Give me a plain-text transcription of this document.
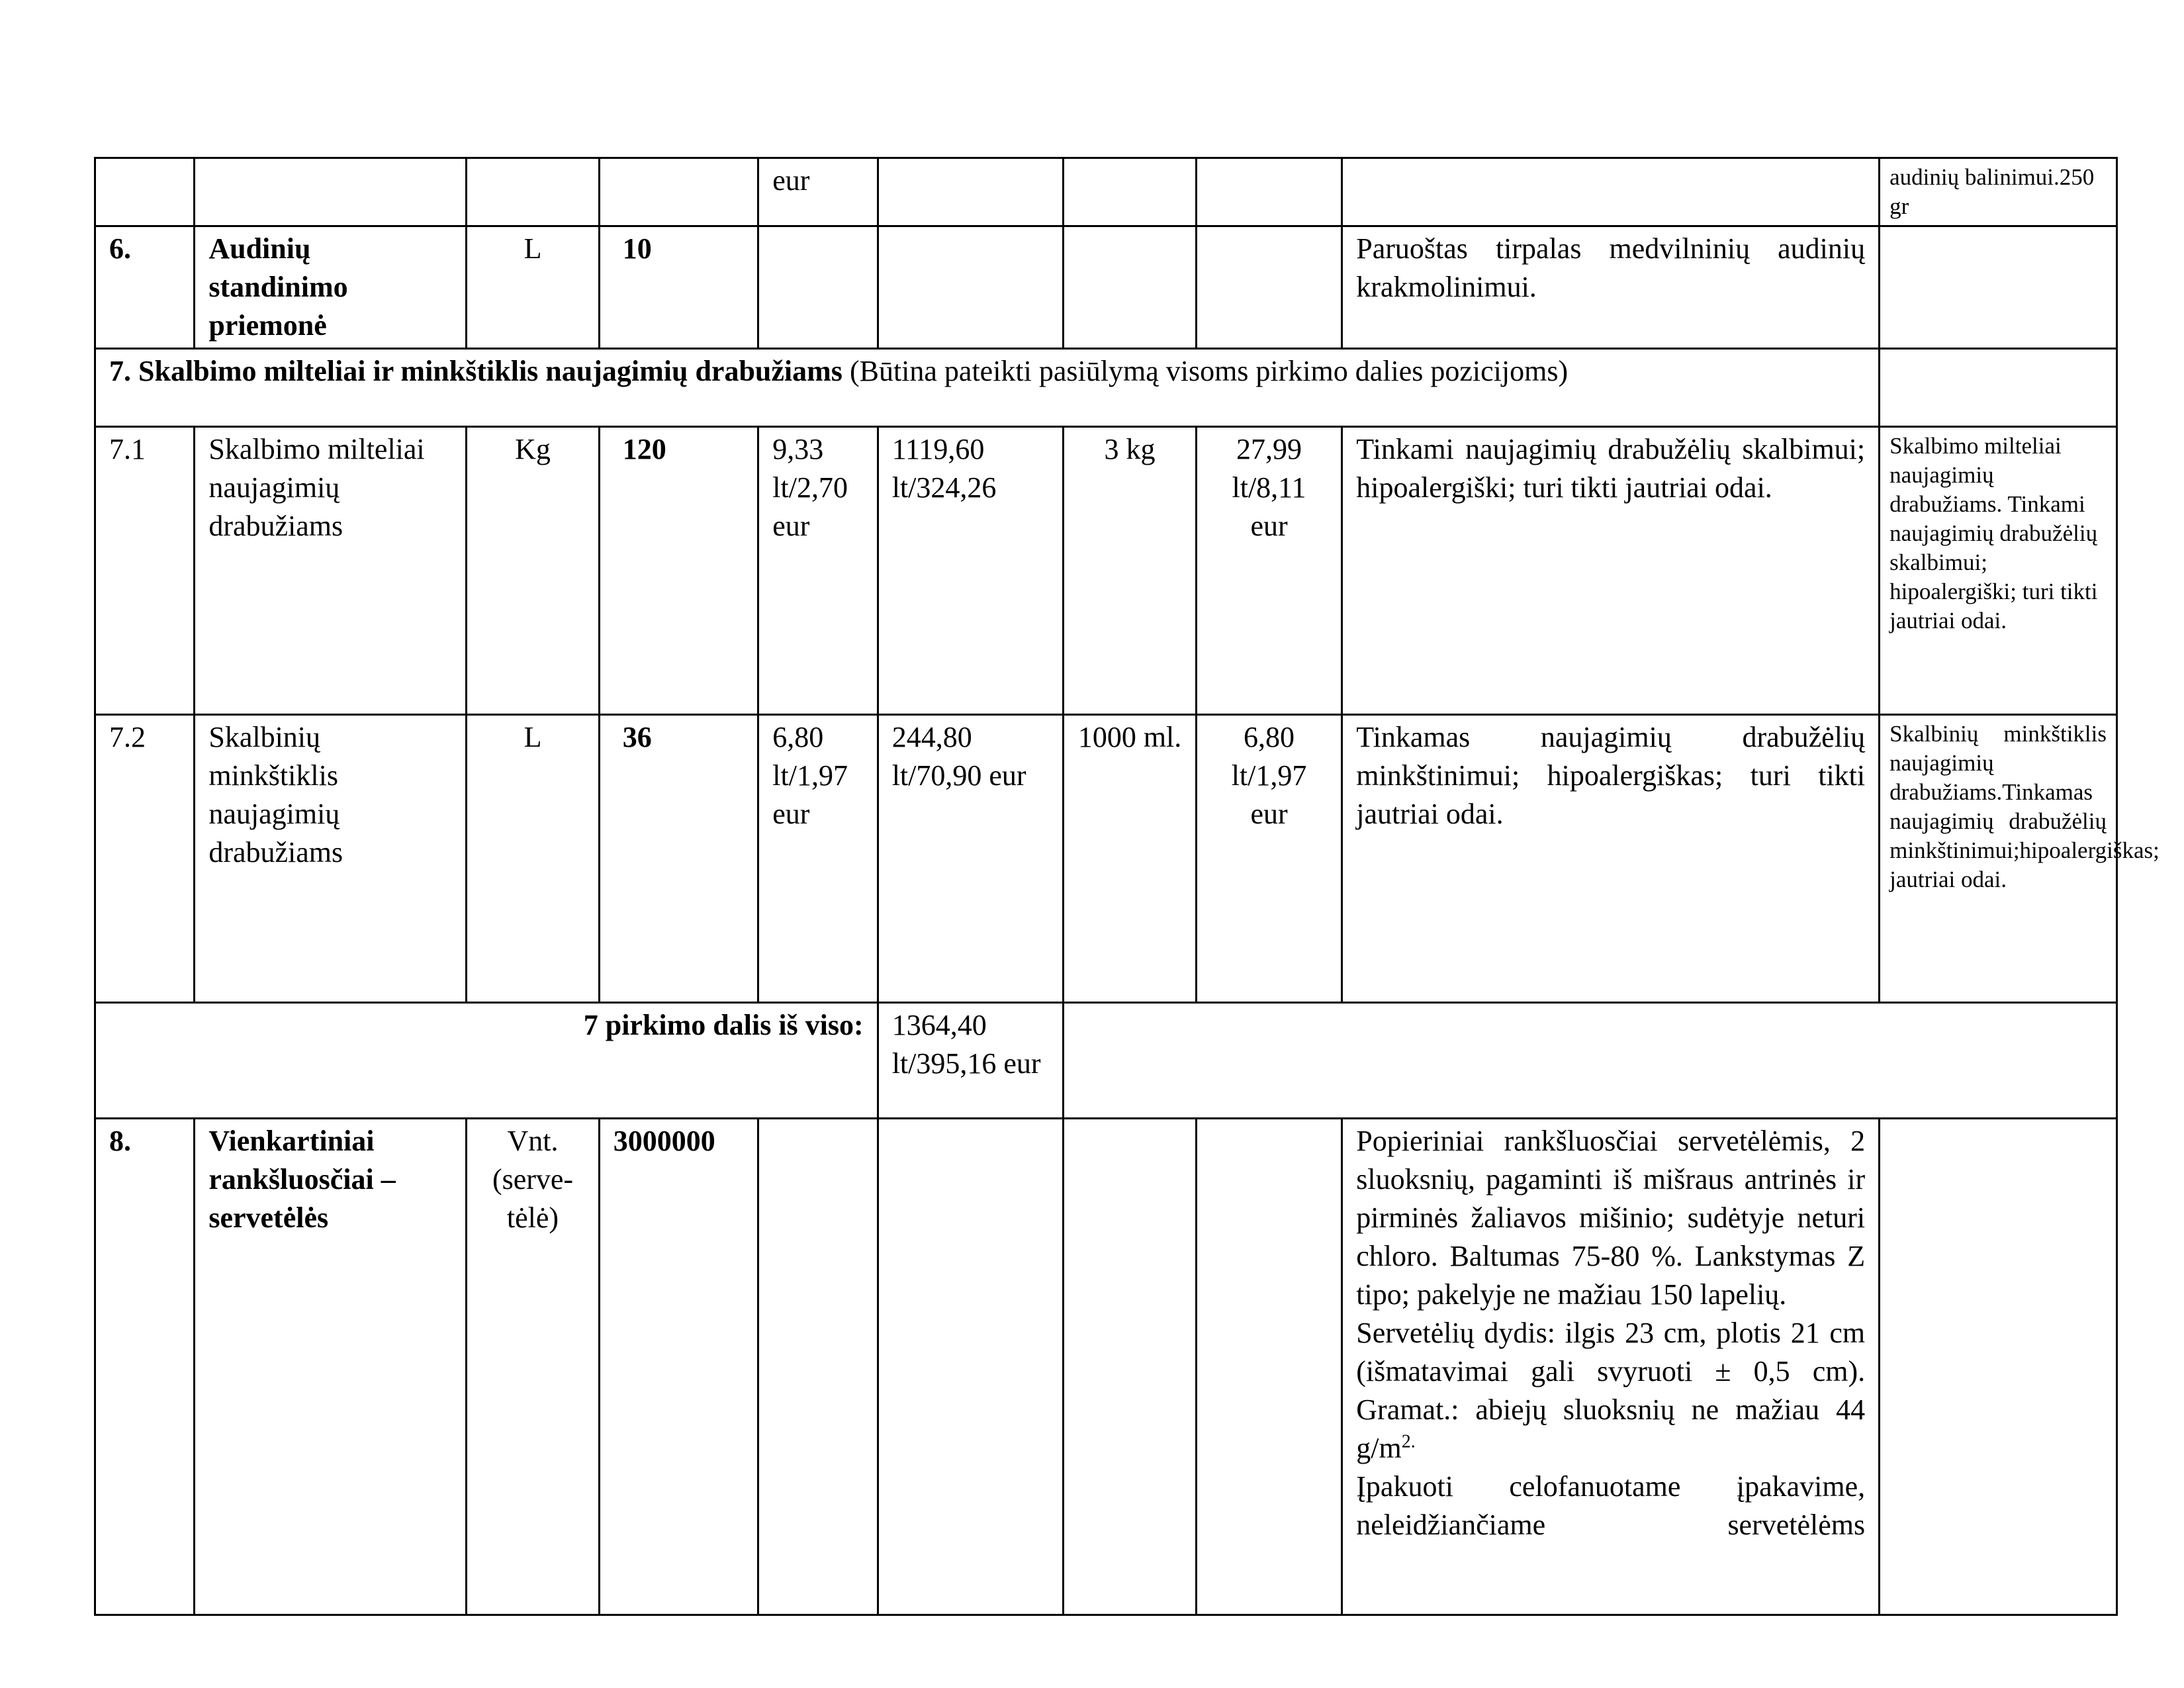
				eur					audinių balinimui.250 gr
6.	Audinių standinimo priemonė	L	10					Paruoštas tirpalas medvilninių audinių krakmolinimui.	
7. Skalbimo milteliai ir minkštiklis naujagimių drabužiams (Būtina pateikti pasiūlymą visoms pirkimo dalies pozicijoms)									
7.1	Skalbimo milteliai naujagimių drabužiams	Kg	120	9,33 lt/2,70 eur	1119,60 lt/324,26	3 kg	27,99 lt/8,11 eur	Tinkami naujagimių drabužėlių skalbimui; hipoalergiški; turi tikti jautriai odai.	Skalbimo milteliai naujagimių drabužiams. Tinkami naujagimių drabužėlių skalbimui; hipoalergiški; turi tikti jautriai odai.
7.2	Skalbinių minkštiklis naujagimių drabužiams	L	36	6,80 lt/1,97 eur	244,80 lt/70,90 eur	1000 ml.	6,80 lt/1,97 eur	Tinkamas naujagimių drabužėlių minkštinimui; hipoalergiškas; turi tikti jautriai odai.	Skalbinių minkštiklis naujagimių drabužiams.Tinkamas naujagimių drabužėlių minkštinimui;hipoalergiškas; jautriai odai.
7 pirkimo dalis iš viso:					1364,40 lt/395,16 eur				
8.	Vienkartiniai rankšluosčiai – servetėlės	Vnt. (serve-tėlė)	3000000					Popieriniai rankšluosčiai servetėlėmis, 2 sluoksnių, pagaminti iš mišraus antrinės ir pirminės žaliavos mišinio; sudėtyje neturi chloro. Baltumas 75-80 %. Lankstymas Z tipo; pakelyje ne mažiau 150 lapelių.
Servetėlių dydis: ilgis 23 cm, plotis 21 cm (išmatavimai gali svyruoti ± 0,5 cm). Gramat.: abiejų sluoksnių ne mažiau 44 $g/m^{2.}$
Įpakuoti celofanuotame įpakavime, neleidžiančiame servetėlėms	
